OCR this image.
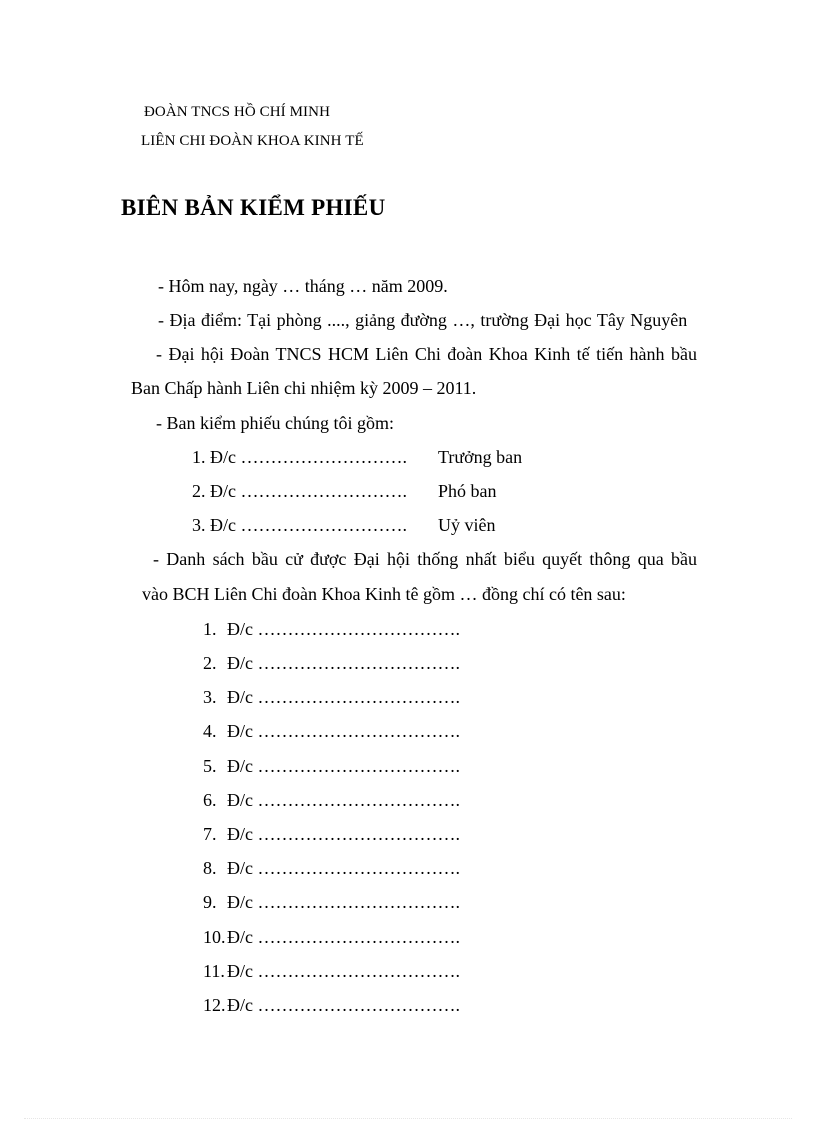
ĐOÀN TNCS HỒ CHÍ MINH
LIÊN CHI ĐOÀN KHOA KINH TẾ
BIÊN BẢN KIỂM PHIẾU
- Hôm nay, ngày … tháng … năm 2009.
- Địa điểm: Tại phòng ...., giảng đường …, trường Đại học Tây Nguyên
- Đại hội Đoàn TNCS HCM Liên Chi đoàn Khoa Kinh tế tiến hành bầu
Ban Chấp hành Liên chi nhiệm kỳ 2009 – 2011.
- Ban kiểm phiếu chúng tôi gồm:
1. Đ/c ………………………. Trưởng ban
2. Đ/c ………………………. Phó ban
3. Đ/c ………………………. Uỷ viên
- Danh sách bầu cử được Đại hội thống nhất biểu quyết thông qua bầu
vào BCH Liên Chi đoàn Khoa Kinh tê gồm … đồng chí có tên sau:
1. Đ/c …………………………….
2. Đ/c …………………………….
3. Đ/c …………………………….
4. Đ/c …………………………….
5. Đ/c …………………………….
6. Đ/c …………………………….
7. Đ/c …………………………….
8. Đ/c …………………………….
9. Đ/c …………………………….
10.Đ/c …………………………….
11. Đ/c …………………………….
12.Đ/c …………………………….
